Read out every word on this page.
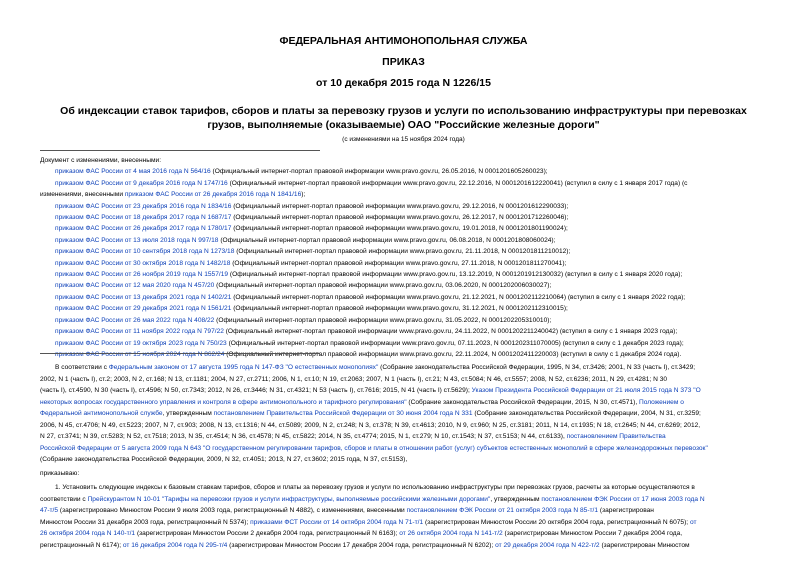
ФЕДЕРАЛЬНАЯ АНТИМОНОПОЛЬНАЯ СЛУЖБА
ПРИКАЗ
от 10 декабря 2015 года N 1226/15
Об индексации ставок тарифов, сборов и платы за перевозку грузов и услуги по использованию инфраструктуры при перевозках грузов, выполняемые (оказываемые) ОАО "Российские железные дороги"
(с изменениями на 15 ноября 2024 года)
Документ с изменениями, внесенными:
приказом ФАС России от 4 мая 2016 года N 564/16 (Официальный интернет-портал правовой информации www.pravo.gov.ru, 26.05.2016, N 0001201605260023);
приказом ФАС России от 9 декабря 2016 года N 1747/16 (Официальный интернет-портал правовой информации www.pravo.gov.ru, 22.12.2016, N 0001201612220041) (вступил в силу с 1 января 2017 года) (с
изменениями, внесенными приказом ФАС России от 26 декабря 2016 года N 1841/16);
приказом ФАС России от 23 декабря 2016 года N 1834/16 (Официальный интернет-портал правовой информации www.pravo.gov.ru, 29.12.2016, N 0001201612290033);
приказом ФАС России от 18 декабря 2017 года N 1687/17 (Официальный интернет-портал правовой информации www.pravo.gov.ru, 26.12.2017, N 0001201712260046);
приказом ФАС России от 26 декабря 2017 года N 1780/17 (Официальный интернет-портал правовой информации www.pravo.gov.ru, 19.01.2018, N 0001201801190024);
приказом ФАС России от 13 июля 2018 года N 997/18 (Официальный интернет-портал правовой информации www.pravo.gov.ru, 06.08.2018, N 0001201808060024);
приказом ФАС России от 10 сентября 2018 года N 1273/18 (Официальный интернет-портал правовой информации www.pravo.gov.ru, 21.11.2018, N 0001201811210012);
приказом ФАС России от 30 октября 2018 года N 1482/18 (Официальный интернет-портал правовой информации www.pravo.gov.ru, 27.11.2018, N 0001201811270041);
приказом ФАС России от 26 ноября 2019 года N 1557/19 (Официальный интернет-портал правовой информации www.pravo.gov.ru, 13.12.2019, N 0001201912130032) (вступил в силу с 1 января 2020 года);
приказом ФАС России от 12 мая 2020 года N 457/20 (Официальный интернет-портал правовой информации www.pravo.gov.ru, 03.06.2020, N 0001202006030027);
приказом ФАС России от 13 декабря 2021 года N 1402/21 (Официальный интернет-портал правовой информации www.pravo.gov.ru, 21.12.2021, N 0001202112210064) (вступил в силу с 1 января 2022 года);
приказом ФАС России от 29 декабря 2021 года N 1561/21 (Официальный интернет-портал правовой информации www.pravo.gov.ru, 31.12.2021, N 0001202112310015);
приказом ФАС России от 26 мая 2022 года N 408/22 (Официальный интернет-портал правовой информации www.pravo.gov.ru, 31.05.2022, N 0001202205310010);
приказом ФАС России от 11 ноября 2022 года N 797/22 (Официальный интернет-портал правовой информации www.pravo.gov.ru, 24.11.2022, N 0001202211240042) (вступил в силу с 1 января 2023 года);
приказом ФАС России от 19 октября 2023 года N 750/23 (Официальный интернет-портал правовой информации www.pravo.gov.ru, 07.11.2023, N 0001202311070005) (вступил в силу с 1 декабря 2023 года);
приказом ФАС России от 15 ноября 2024 года N 862/24 (Официальный интернет-портал правовой информации www.pravo.gov.ru, 22.11.2024, N 0001202411220003) (вступил в силу с 1 декабря 2024 года).
В соответствии с Федеральным законом от 17 августа 1995 года N 147-ФЗ "О естественных монополиях" (Собрание законодательства Российской Федерации, 1995, N 34, ст.3426; 2001, N 33 (часть I), ст.3429;
2002, N 1 (часть I), ст.2; 2003, N 2, ст.168; N 13, ст.1181; 2004, N 27, ст.2711; 2006, N 1, ст.10; N 19, ст.2063; 2007, N 1 (часть I), ст.21; N 43, ст.5084; N 46, ст.5557; 2008, N 52, ст.6236; 2011, N 29, ст.4281; N 30
(часть I), ст.4590, N 30 (часть I), ст.4596; N 50, ст.7343; 2012, N 26, ст.3446; N 31, ст.4321; N 53 (часть I), ст.7616; 2015, N 41 (часть I) ст.5629); Указом Президента Российской Федерации от 21 июля 2015 года N 373 "О
некоторых вопросах государственного управления и контроля в сфере антимонопольного и тарифного регулирования" (Собрание законодательства Российской Федерации, 2015, N 30, ст.4571), Положением о
Федеральной антимонопольной службе, утвержденным постановлением Правительства Российской Федерации от 30 июня 2004 года N 331 (Собрание законодательства Российской Федерации, 2004, N 31, ст.3259;
2006, N 45, ст.4706; N 49, ст.5223; 2007, N 7, ст.903; 2008, N 13, ст.1316; N 44, ст.5089; 2009, N 2, ст.248; N 3, ст.378; N 39, ст.4613; 2010, N 9, ст.960; N 25, ст.3181; 2011, N 14, ст.1935; N 18, ст.2645; N 44, ст.6269; 2012,
N 27, ст.3741; N 39, ст.5283; N 52, ст.7518; 2013, N 35, ст.4514; N 36, ст.4578; N 45, ст.5822; 2014, N 35, ст.4774; 2015, N 1, ст.279; N 10, ст.1543; N 37, ст.5153; N 44, ст.6133), постановлением Правительства
Российской Федерации от 5 августа 2009 года N 643 "О государственном регулировании тарифов, сборов и платы в отношении работ (услуг) субъектов естественных монополий в сфере железнодорожных перевозок"
(Собрание законодательства Российской Федерации, 2009, N 32, ст.4051; 2013, N 27, ст.3602; 2015 года, N 37, ст.5153),
приказываю:
1. Установить следующие индексы к базовым ставкам тарифов, сборов и платы за перевозку грузов и услуги по использованию инфраструктуры при перевозках грузов, расчеты за которые осуществляются в
соответствии с Прейскурантом N 10-01 "Тарифы на перевозки грузов и услуги инфраструктуры, выполняемые российскими железными дорогами", утвержденным постановлением ФЭК России от 17 июня 2003 года N
47-т/5 (зарегистрировано Минюстом России 9 июля 2003 года, регистрационный N 4882), с изменениями, внесенными постановлением ФЭК России от 21 октября 2003 года N 85-т/1 (зарегистрирован
Минюстом России 31 декабря 2003 года, регистрационный N 5374); приказами ФСТ России от 14 октября 2004 года N 71-т/1 (зарегистрирован Минюстом России 20 октября 2004 года, регистрационный N 6075); от
26 октября 2004 года N 140-т/1 (зарегистрирован Минюстом России 2 декабря 2004 года, регистрационный N 6163); от 26 октября 2004 года N 141-т/2 (зарегистрирован Минюстом России 7 декабря 2004 года,
регистрационный N 6174); от 16 декабря 2004 года N 295-т/4 (зарегистрирован Минюстом России 17 декабря 2004 года, регистрационный N 6202); от 29 декабря 2004 года N 422-т/2 (зарегистрирован Минюстом
